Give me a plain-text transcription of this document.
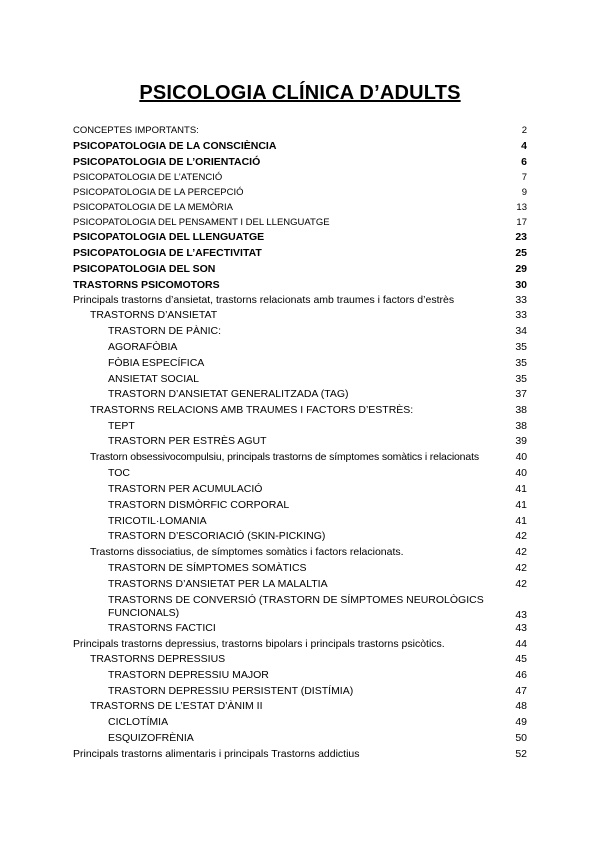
PSICOLOGIA CLÍNICA D’ADULTS
CONCEPTES IMPORTANTS:	2
PSICOPATOLOGIA DE LA CONSCIÈNCIA	4
PSICOPATOLOGIA DE L’ORIENTACIÓ	6
PSICOPATOLOGIA DE L’ATENCIÓ	7
PSICOPATOLOGIA DE LA PERCEPCIÓ	9
PSICOPATOLOGIA DE LA MEMÒRIA	13
PSICOPATOLOGIA DEL PENSAMENT I DEL LLENGUATGE	17
PSICOPATOLOGIA DEL LLENGUATGE	23
PSICOPATOLOGIA DE L’AFECTIVITAT	25
PSICOPATOLOGIA DEL SON	29
TRASTORNS PSICOMOTORS	30
Principals trastorns d’ansietat, trastorns relacionats amb traumes i factors d’estrès	33
TRASTORNS D’ANSIETAT	33
TRASTORN DE PÀNIC:	34
AGORAFÒBIA	35
FÒBIA ESPECÍFICA	35
ANSIETAT SOCIAL	35
TRASTORN D’ANSIETAT GENERALITZADA (TAG)	37
TRASTORNS RELACIONS AMB TRAUMES I FACTORS D’ESTRÈS:	38
TEPT	38
TRASTORN PER ESTRÈS AGUT	39
Trastorn obsessivocompulsiu, principals trastorns de símptomes somàtics i relacionats	40
TOC	40
TRASTORN PER ACUMULACIÓ	41
TRASTORN DISMÒRFIC CORPORAL	41
TRICOTIL·LOMANIA	41
TRASTORN D’ESCORIACIÓ (SKIN-PICKING)	42
Trastorns dissociatius, de símptomes somàtics i factors relacionats.	42
TRASTORN DE SÍMPTOMES SOMÀTICS	42
TRASTORNS D’ANSIETAT PER LA MALALTIA	42
TRASTORNS DE CONVERSIÓ (TRASTORN DE SÍMPTOMES NEUROLÒGICS FUNCIONALS)	43
TRASTORNS FACTICI	43
Principals trastorns depressius, trastorns bipolars i principals trastorns psicòtics.	44
TRASTORNS DEPRESSIUS	45
TRASTORN DEPRESSIU MAJOR	46
TRASTORN DEPRESSIU PERSISTENT (DISTÍMIA)	47
TRASTORNS DE L’ESTAT D’ÀNIM II	48
CICLOTÍMIA	49
ESQUIZOFRÈNIA	50
Principals trastorns alimentaris i principals Trastorns addictius	52
